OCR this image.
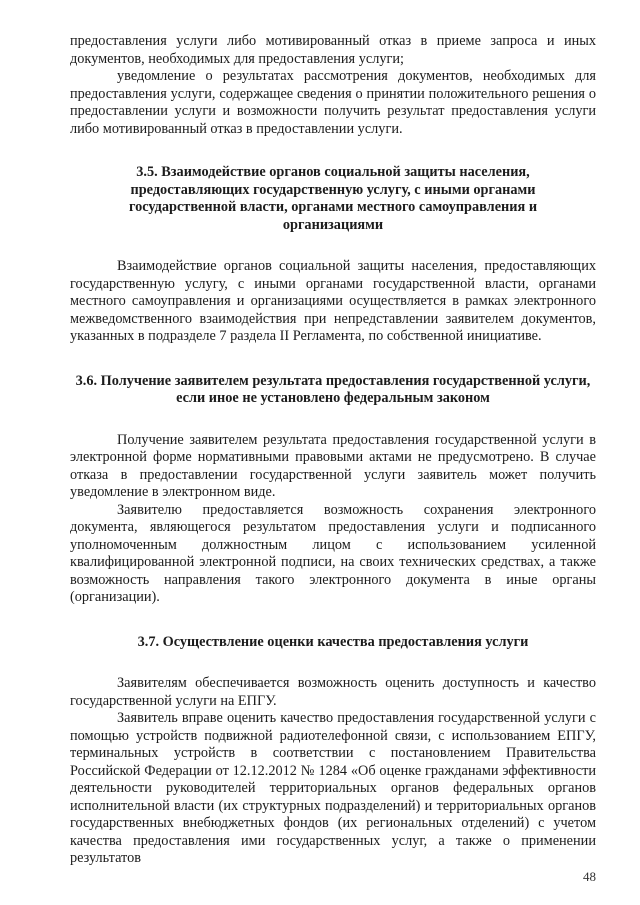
предоставления услуги либо мотивированный отказ в приеме запроса и иных документов, необходимых для предоставления услуги;

уведомление о результатах рассмотрения документов, необходимых для предоставления услуги, содержащее сведения о принятии положительного решения о предоставлении услуги и возможности получить результат предоставления услуги либо мотивированный отказ в предоставлении услуги.

3.5. Взаимодействие органов социальной защиты населения, предоставляющих государственную услугу, с иными органами государственной власти, органами местного самоуправления и организациями

Взаимодействие органов социальной защиты населения, предоставляющих государственную услугу, с иными органами государственной власти, органами местного самоуправления и организациями осуществляется в рамках электронного межведомственного взаимодействия при непредставлении заявителем документов, указанных в подразделе 7 раздела II Регламента, по собственной инициативе.

3.6. Получение заявителем результата предоставления государственной услуги, если иное не установлено федеральным законом

Получение заявителем результата предоставления государственной услуги в электронной форме нормативными правовыми актами не предусмотрено. В случае отказа в предоставлении государственной услуги заявитель может получить уведомление в электронном виде.

Заявителю предоставляется возможность сохранения электронного документа, являющегося результатом предоставления услуги и подписанного уполномоченным должностным лицом с использованием усиленной квалифицированной электронной подписи, на своих технических средствах, а также возможность направления такого электронного документа в иные органы (организации).

3.7. Осуществление оценки качества предоставления услуги

Заявителям обеспечивается возможность оценить доступность и качество государственной услуги на ЕПГУ.

Заявитель вправе оценить качество предоставления государственной услуги с помощью устройств подвижной радиотелефонной связи, с использованием ЕПГУ, терминальных устройств в соответствии с постановлением Правительства Российской Федерации от 12.12.2012 № 1284 «Об оценке гражданами эффективности деятельности руководителей территориальных органов федеральных органов исполнительной власти (их структурных подразделений) и территориальных органов государственных внебюджетных фондов (их региональных отделений) с учетом качества предоставления ими государственных услуг, а также о применении результатов

48
